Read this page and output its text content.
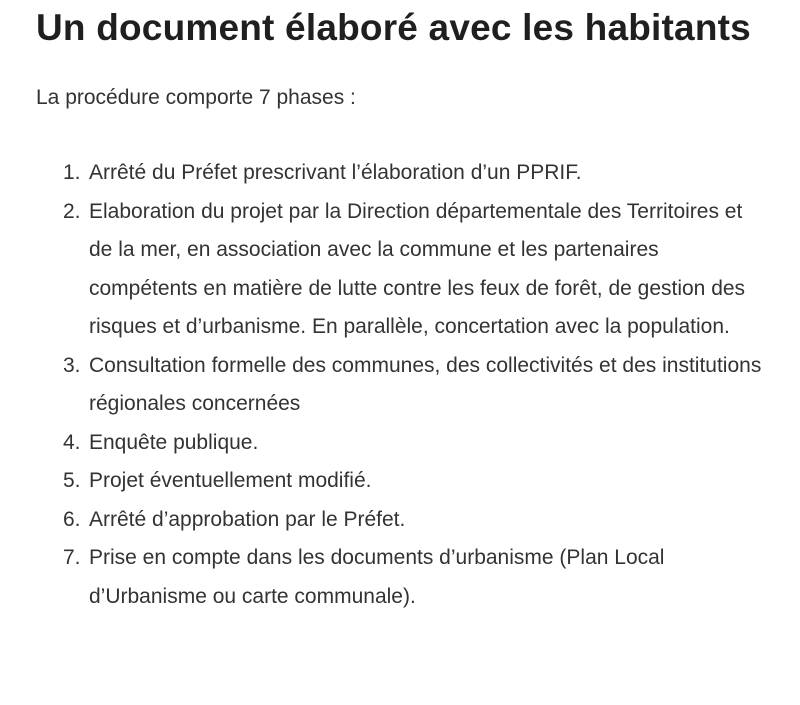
Un document élaboré avec les habitants

La procédure comporte 7 phases :

1. Arrêté du Préfet prescrivant l’élaboration d’un PPRIF.
2. Elaboration du projet par la Direction départementale des Territoires et de la mer, en association avec la commune et les partenaires compétents en matière de lutte contre les feux de forêt, de gestion des risques et d’urbanisme. En parallèle, concertation avec la population.
3. Consultation formelle des communes, des collectivités et des institutions régionales concernées
4. Enquête publique.
5. Projet éventuellement modifié.
6. Arrêté d’approbation par le Préfet.
7. Prise en compte dans les documents d’urbanisme (Plan Local d’Urbanisme ou carte communale).
